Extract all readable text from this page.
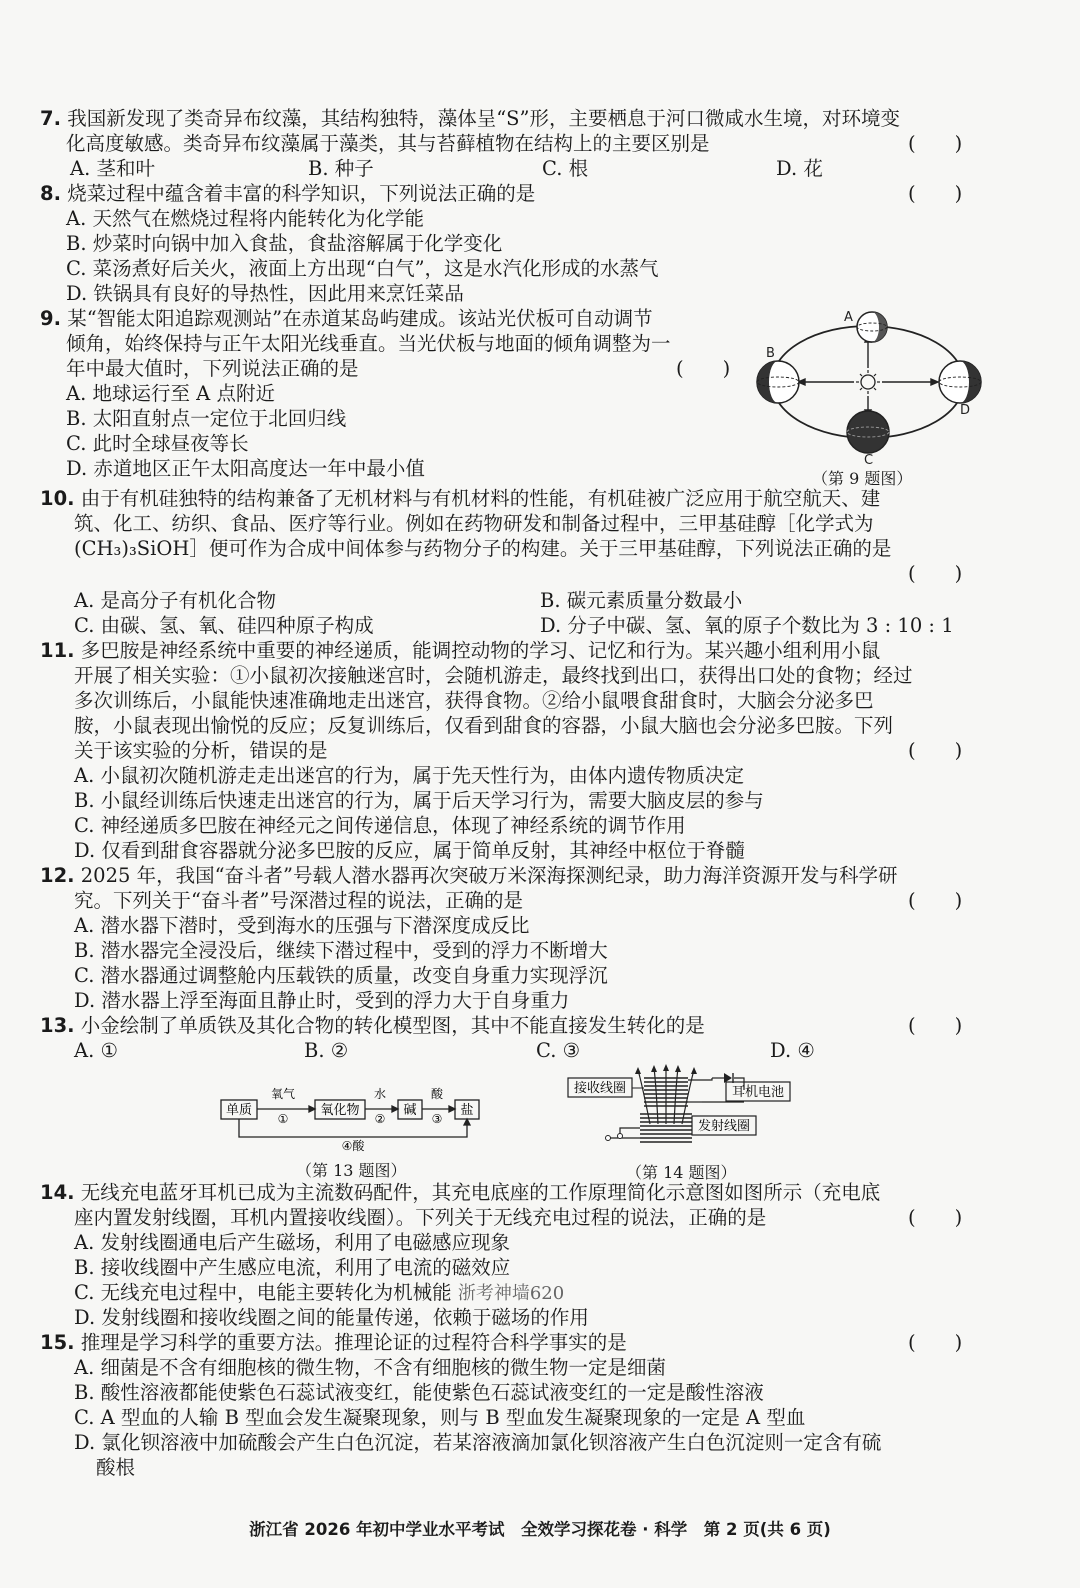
7. 我国新发现了类奇异布纹藻，其结构独特，藻体呈“S”形，主要栖息于河口微咸水生境，对环境变
化高度敏感。类奇异布纹藻属于藻类，其与苔藓植物在结构上的主要区别是	(　　)
A. 茎和叶	B. 种子	C. 根	D. 花
8. 烧菜过程中蕴含着丰富的科学知识，下列说法正确的是	(　　)
A. 天然气在燃烧过程将内能转化为化学能
B. 炒菜时向锅中加入食盐，食盐溶解属于化学变化
C. 菜汤煮好后关火，液面上方出现“白气”，这是水汽化形成的水蒸气
D. 铁锅具有良好的导热性，因此用来烹饪菜品
9. 某“智能太阳追踪观测站”在赤道某岛屿建成。该站光伏板可自动调节
倾角，始终保持与正午太阳光线垂直。当光伏板与地面的倾角调整为一
年中最大值时，下列说法正确的是	(　　)
A. 地球运行至 A 点附近
B. 太阳直射点一定位于北回归线
C. 此时全球昼夜等长
D. 赤道地区正午太阳高度达一年中最小值
A
B
D
C
（第 9 题图）
10. 由于有机硅独特的结构兼备了无机材料与有机材料的性能，有机硅被广泛应用于航空航天、建
筑、化工、纺织、食品、医疗等行业。例如在药物研发和制备过程中，三甲基硅醇［化学式为
(CH₃)₃SiOH］便可作为合成中间体参与药物分子的构建。关于三甲基硅醇，下列说法正确的是
(　　)
A. 是高分子有机化合物	B. 碳元素质量分数最小
C. 由碳、氢、氧、硅四种原子构成	D. 分子中碳、氢、氧的原子个数比为 3 : 10 : 1
11. 多巴胺是神经系统中重要的神经递质，能调控动物的学习、记忆和行为。某兴趣小组利用小鼠
开展了相关实验：①小鼠初次接触迷宫时，会随机游走，最终找到出口，获得出口处的食物；经过
多次训练后，小鼠能快速准确地走出迷宫，获得食物。②给小鼠喂食甜食时，大脑会分泌多巴
胺，小鼠表现出愉悦的反应；反复训练后，仅看到甜食的容器，小鼠大脑也会分泌多巴胺。下列
关于该实验的分析，错误的是	(　　)
A. 小鼠初次随机游走走出迷宫的行为，属于先天性行为，由体内遗传物质决定
B. 小鼠经训练后快速走出迷宫的行为，属于后天学习行为，需要大脑皮层的参与
C. 神经递质多巴胺在神经元之间传递信息，体现了神经系统的调节作用
D. 仅看到甜食容器就分泌多巴胺的反应，属于简单反射，其神经中枢位于脊髓
12. 2025 年，我国“奋斗者”号载人潜水器再次突破万米深海探测纪录，助力海洋资源开发与科学研
究。下列关于“奋斗者”号深潜过程的说法，正确的是	(　　)
A. 潜水器下潜时，受到海水的压强与下潜深度成反比
B. 潜水器完全浸没后，继续下潜过程中，受到的浮力不断增大
C. 潜水器通过调整舱内压载铁的质量，改变自身重力实现浮沉
D. 潜水器上浮至海面且静止时，受到的浮力大于自身重力
13. 小金绘制了单质铁及其化合物的转化模型图，其中不能直接发生转化的是	(　　)
A. ①	B. ②	C. ③	D. ④
单质	氧化物	碱	盐
氧气
①
水
②
酸
③
④酸
（第 13 题图）
接收线圈	耳机电池
发射线圈
（第 14 题图）
14. 无线充电蓝牙耳机已成为主流数码配件，其充电底座的工作原理简化示意图如图所示（充电底
座内置发射线圈，耳机内置接收线圈）。下列关于无线充电过程的说法，正确的是	(　　)
A. 发射线圈通电后产生磁场，利用了电磁感应现象
B. 接收线圈中产生感应电流，利用了电流的磁效应
C. 无线充电过程中，电能主要转化为机械能 浙考神墙620
D. 发射线圈和接收线圈之间的能量传递，依赖于磁场的作用
15. 推理是学习科学的重要方法。推理论证的过程符合科学事实的是	(　　)
A. 细菌是不含有细胞核的微生物，不含有细胞核的微生物一定是细菌
B. 酸性溶液都能使紫色石蕊试液变红，能使紫色石蕊试液变红的一定是酸性溶液
C. A 型血的人输 B 型血会发生凝聚现象，则与 B 型血发生凝聚现象的一定是 A 型血
D. 氯化钡溶液中加硫酸会产生白色沉淀，若某溶液滴加氯化钡溶液产生白色沉淀则一定含有硫
酸根
浙江省 2026 年初中学业水平考试　全效学习探花卷 · 科学　第 2 页(共 6 页)
